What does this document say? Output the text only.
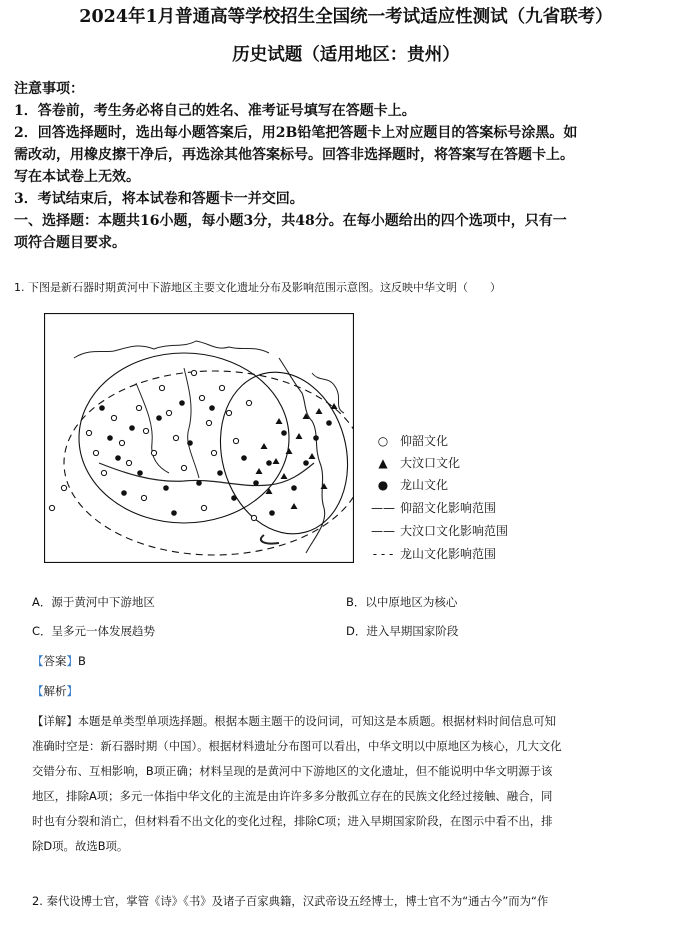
2024年1月普通高等学校招生全国统一考试适应性测试（九省联考）
历史试题（适用地区：贵州）
注意事项：
1．答卷前，考生务必将自己的姓名、准考证号填写在答题卡上。
2．回答选择题时，选出每小题答案后，用2B铅笔把答题卡上对应题目的答案标号涂黑。如
需改动，用橡皮擦干净后，再选涂其他答案标号。回答非选择题时，将答案写在答题卡上。
写在本试卷上无效。
3．考试结束后，将本试卷和答题卡一并交回。
一、选择题：本题共16小题，每小题3分，共48分。在每小题给出的四个选项中，只有一
项符合题目要求。
1. 下图是新石器时期黄河中下游地区主要文化遗址分布及影响范围示意图。这反映中华文明（　　）
○ 仰韶文化
▲ 大汶口文化
● 龙山文化
—— 仰韶文化影响范围
—— 大汶口文化影响范围
- - - 龙山文化影响范围
A．源于黄河中下游地区	B．以中原地区为核心
C．呈多元一体发展趋势	D．进入早期国家阶段
【答案】B
【解析】
【详解】本题是单类型单项选择题。根据本题主题干的设问词，可知这是本质题。根据材料时间信息可知
准确时空是：新石器时期（中国）。根据材料遗址分布图可以看出，中华文明以中原地区为核心，几大文化
交错分布、互相影响，B项正确；材料呈现的是黄河中下游地区的文化遗址，但不能说明中华文明源于该
地区，排除A项；多元一体指中华文化的主流是由许许多多分散孤立存在的民族文化经过接触、融合，同
时也有分裂和消亡，但材料看不出文化的变化过程，排除C项；进入早期国家阶段，在图示中看不出，排
除D项。故选B项。
2. 秦代设博士官，掌管《诗》《书》及诸子百家典籍，汉武帝设五经博士，博士官不为“通古今”而为“作
